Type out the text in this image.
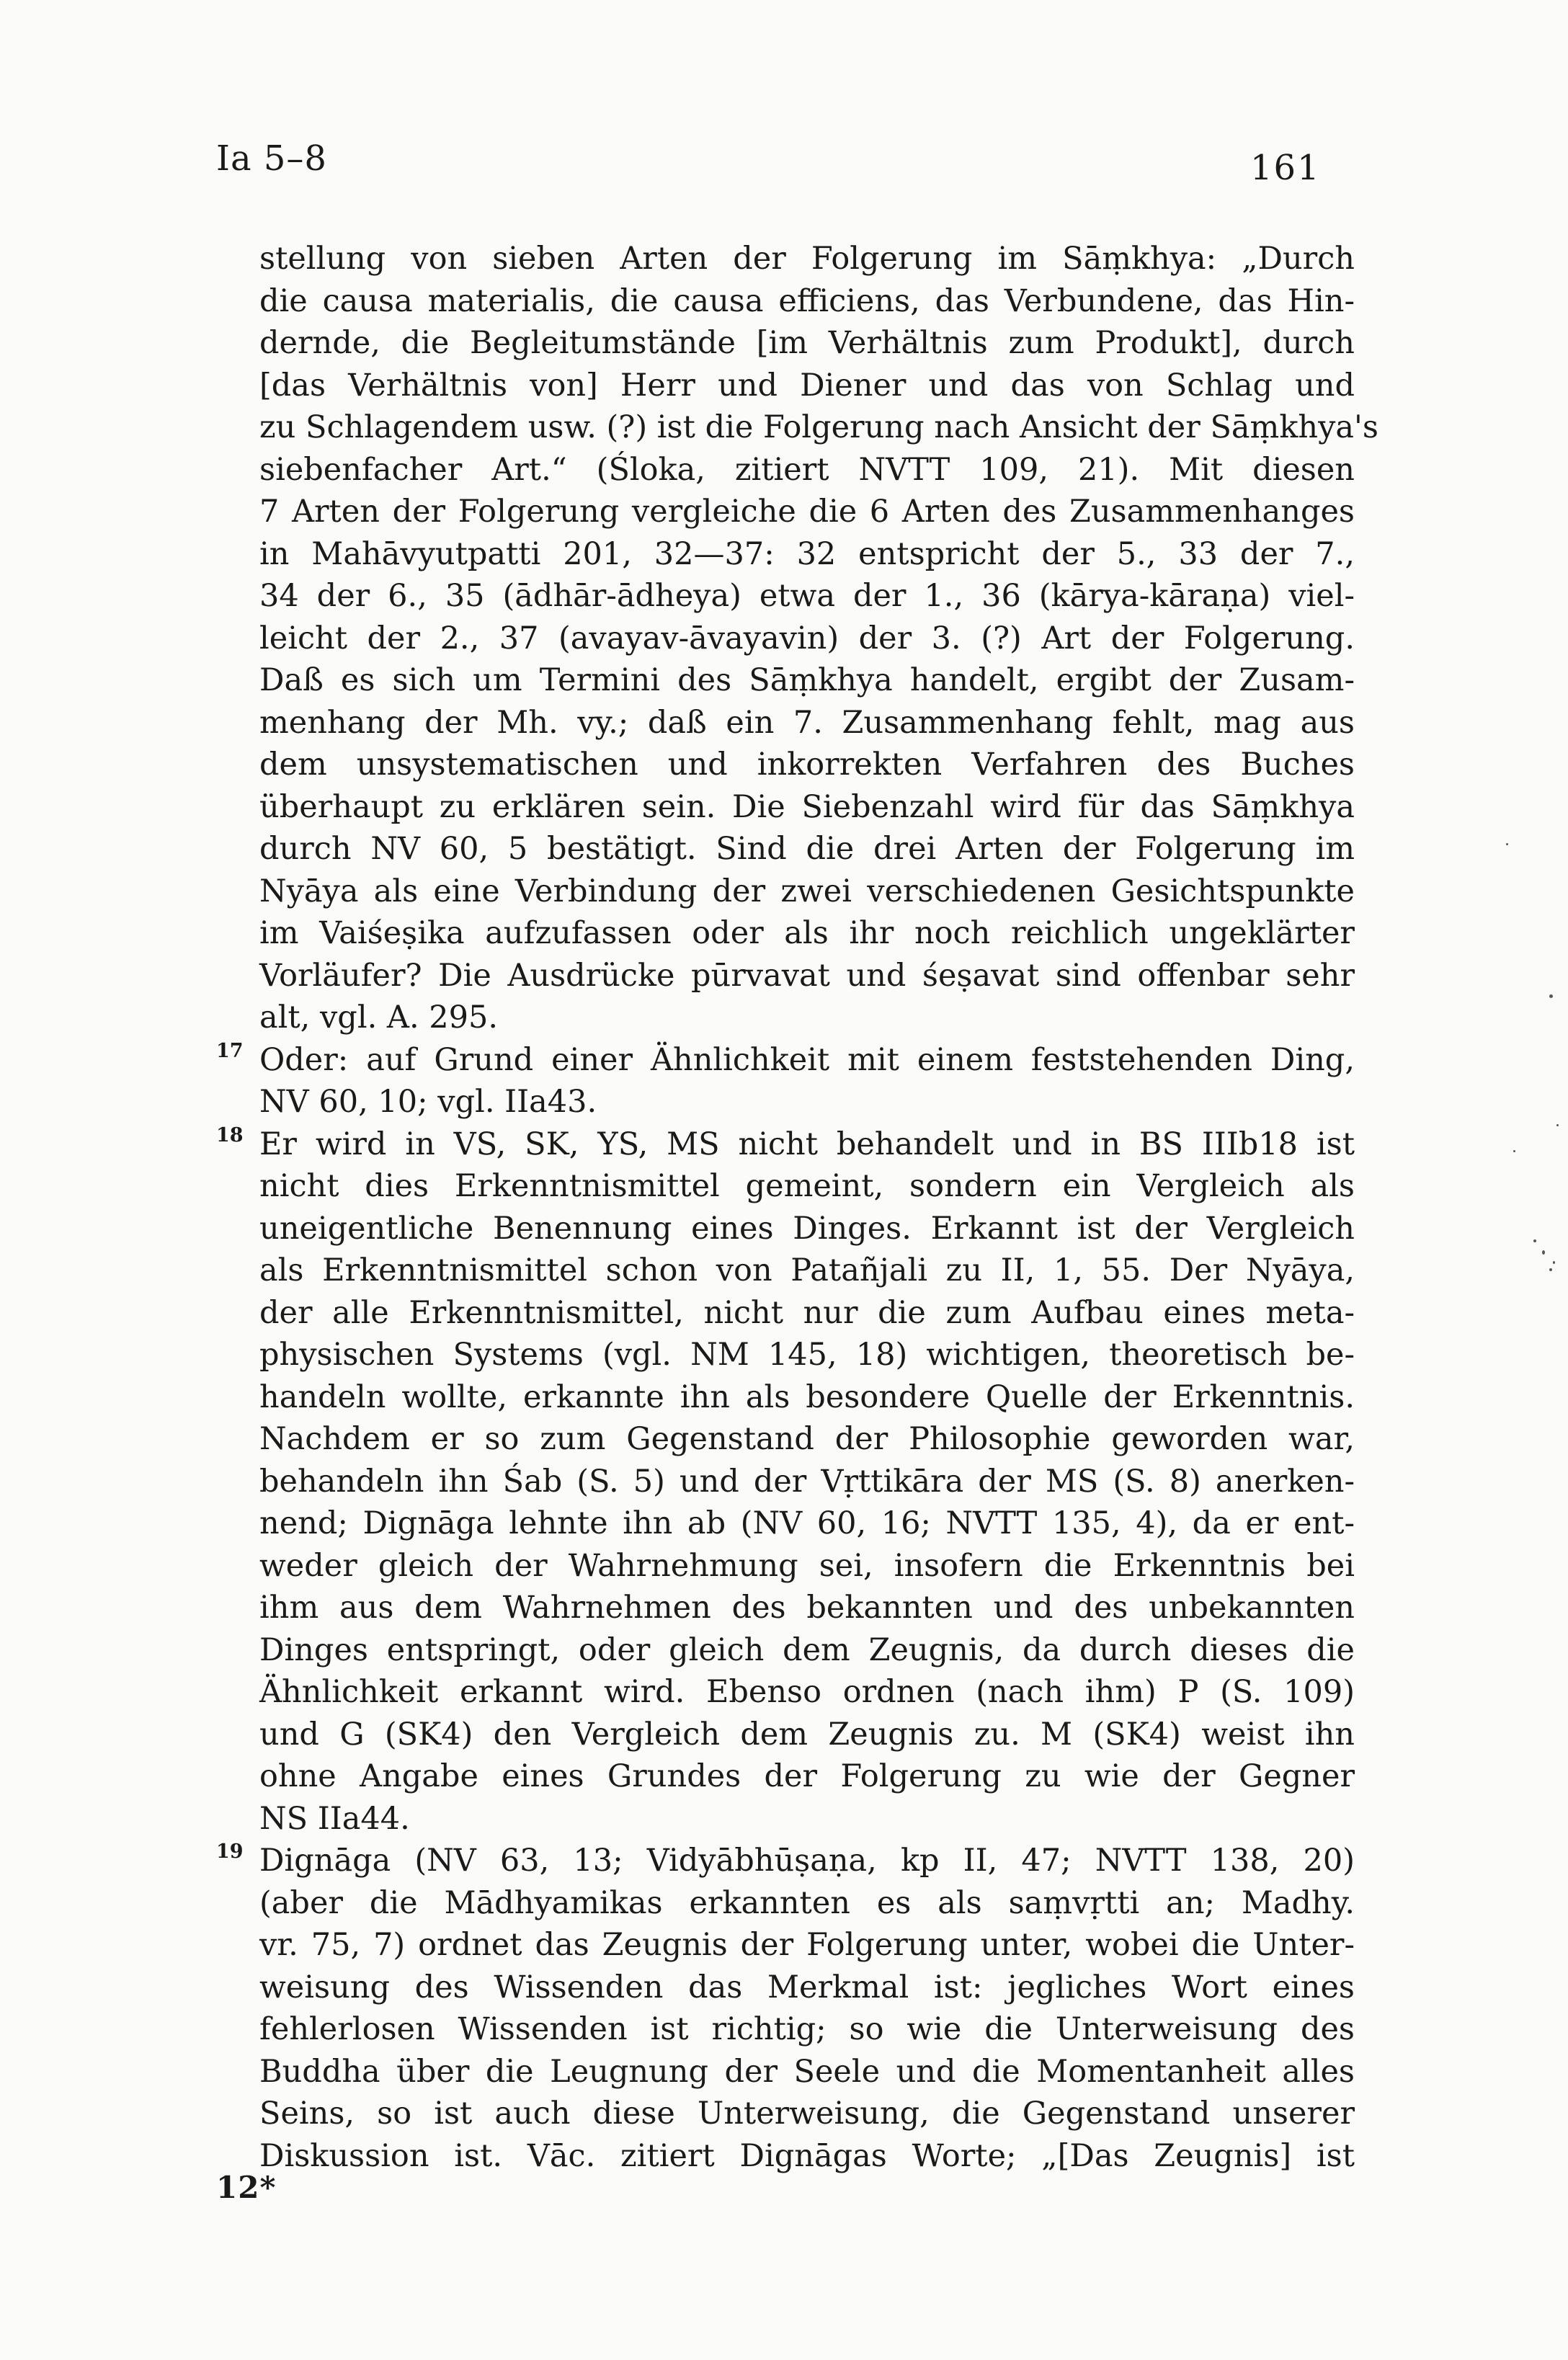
Ia 5–8	161
stellung von sieben Arten der Folgerung im Sāṃkhya: „Durch
die causa materialis, die causa efficiens, das Verbundene, das Hin-
dernde, die Begleitumstände [im Verhältnis zum Produkt], durch
[das Verhältnis von] Herr und Diener und das von Schlag und
zu Schlagendem usw. (?) ist die Folgerung nach Ansicht der Sāṃkhya's
siebenfacher Art.“ (Śloka, zitiert NVTT 109, 21). Mit diesen
7 Arten der Folgerung vergleiche die 6 Arten des Zusammenhanges
in Mahāvyutpatti 201, 32—37: 32 entspricht der 5., 33 der 7.,
34 der 6., 35 (ādhār-ādheya) etwa der 1., 36 (kārya-kāraṇa) viel-
leicht der 2., 37 (avayav-āvayavin) der 3. (?) Art der Folgerung.
Daß es sich um Termini des Sāṃkhya handelt, ergibt der Zusam-
menhang der Mh. vy.; daß ein 7. Zusammenhang fehlt, mag aus
dem unsystematischen und inkorrekten Verfahren des Buches
überhaupt zu erklären sein. Die Siebenzahl wird für das Sāṃkhya
durch NV 60, 5 bestätigt. Sind die drei Arten der Folgerung im
Nyāya als eine Verbindung der zwei verschiedenen Gesichtspunkte
im Vaiśeṣika aufzufassen oder als ihr noch reichlich ungeklärter
Vorläufer? Die Ausdrücke pūrvavat und śeṣavat sind offenbar sehr
alt, vgl. A. 295.
17 Oder: auf Grund einer Ähnlichkeit mit einem feststehenden Ding,
NV 60, 10; vgl. IIa43.
18 Er wird in VS, SK, YS, MS nicht behandelt und in BS IIIb18 ist
nicht dies Erkenntnismittel gemeint, sondern ein Vergleich als
uneigentliche Benennung eines Dinges. Erkannt ist der Vergleich
als Erkenntnismittel schon von Patañjali zu II, 1, 55. Der Nyāya,
der alle Erkenntnismittel, nicht nur die zum Aufbau eines meta-
physischen Systems (vgl. NM 145, 18) wichtigen, theoretisch be-
handeln wollte, erkannte ihn als besondere Quelle der Erkenntnis.
Nachdem er so zum Gegenstand der Philosophie geworden war,
behandeln ihn Śab (S. 5) und der Vṛttikāra der MS (S. 8) anerken-
nend; Dignāga lehnte ihn ab (NV 60, 16; NVTT 135, 4), da er ent-
weder gleich der Wahrnehmung sei, insofern die Erkenntnis bei
ihm aus dem Wahrnehmen des bekannten und des unbekannten
Dinges entspringt, oder gleich dem Zeugnis, da durch dieses die
Ähnlichkeit erkannt wird. Ebenso ordnen (nach ihm) P (S. 109)
und G (SK4) den Vergleich dem Zeugnis zu. M (SK4) weist ihn
ohne Angabe eines Grundes der Folgerung zu wie der Gegner
NS IIa44.
19 Dignāga (NV 63, 13; Vidyābhūṣaṇa, kp II, 47; NVTT 138, 20)
(aber die Mādhyamikas erkannten es als saṃvṛtti an; Madhy.
vr. 75, 7) ordnet das Zeugnis der Folgerung unter, wobei die Unter-
weisung des Wissenden das Merkmal ist: jegliches Wort eines
fehlerlosen Wissenden ist richtig; so wie die Unterweisung des
Buddha über die Leugnung der Seele und die Momentanheit alles
Seins, so ist auch diese Unterweisung, die Gegenstand unserer
Diskussion ist. Vāc. zitiert Dignāgas Worte; „[Das Zeugnis] ist
12*
